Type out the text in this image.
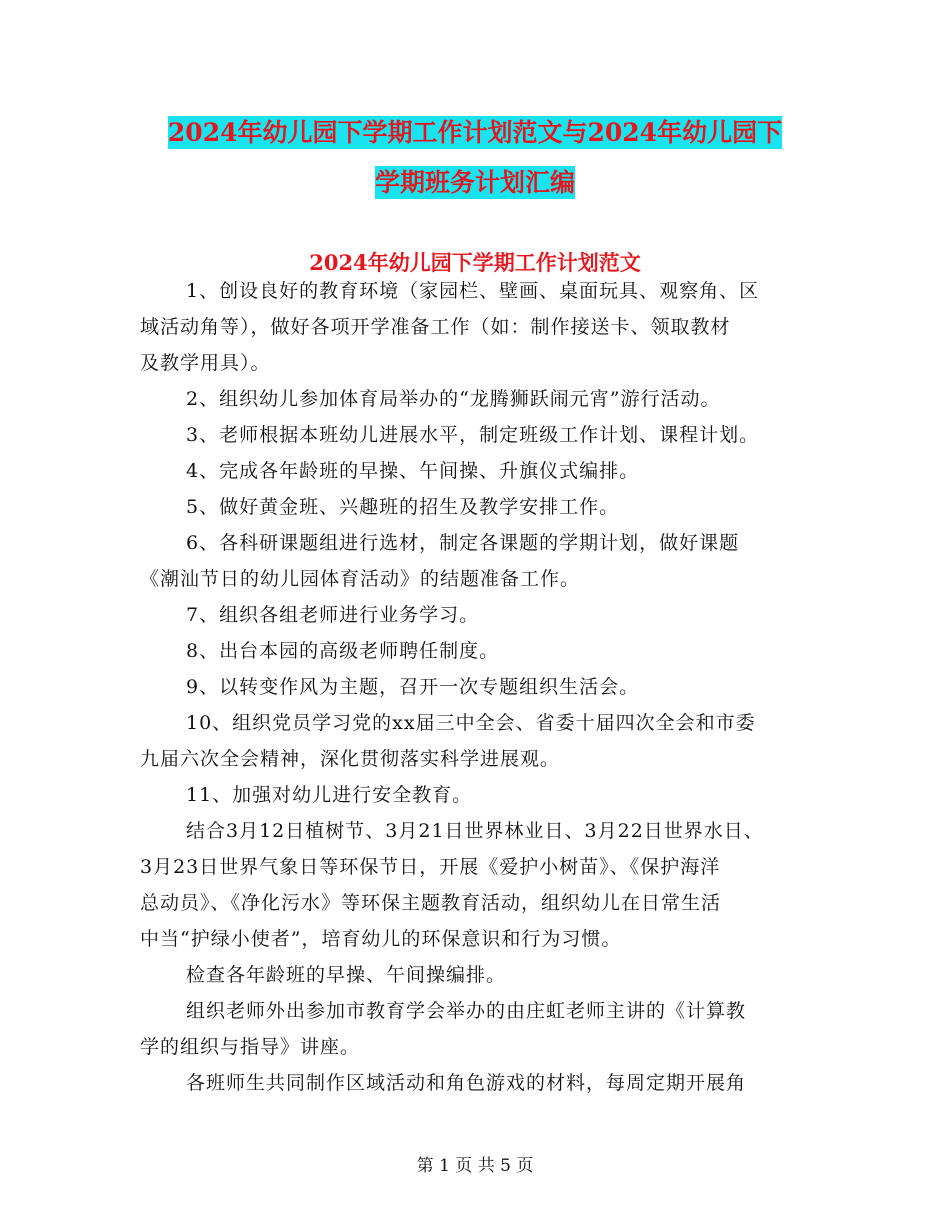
2024年幼儿园下学期工作计划范文与2024年幼儿园下
学期班务计划汇编
2024年幼儿园下学期工作计划范文
1、创设良好的教育环境（家园栏、壁画、桌面玩具、观察角、区
域活动角等），做好各项开学准备工作（如：制作接送卡、领取教材
及教学用具）。
2、组织幼儿参加体育局举办的“龙腾狮跃闹元宵”游行活动。
3、老师根据本班幼儿进展水平，制定班级工作计划、课程计划。
4、完成各年龄班的早操、午间操、升旗仪式编排。
5、做好黄金班、兴趣班的招生及教学安排工作。
6、各科研课题组进行选材，制定各课题的学期计划，做好课题
《潮汕节日的幼儿园体育活动》的结题准备工作。
7、组织各组老师进行业务学习。
8、出台本园的高级老师聘任制度。
9、以转变作风为主题，召开一次专题组织生活会。
10、组织党员学习党的xx届三中全会、省委十届四次全会和市委
九届六次全会精神，深化贯彻落实科学进展观。
11、加强对幼儿进行安全教育。
结合3月12日植树节、3月21日世界林业日、3月22日世界水日、
3月23日世界气象日等环保节日，开展《爱护小树苗》、《保护海洋
总动员》、《净化污水》等环保主题教育活动，组织幼儿在日常生活
中当“护绿小使者”，培育幼儿的环保意识和行为习惯。
检查各年龄班的早操、午间操编排。
组织老师外出参加市教育学会举办的由庄虹老师主讲的《计算教
学的组织与指导》讲座。
各班师生共同制作区域活动和角色游戏的材料，每周定期开展角
第 1 页 共 5 页
